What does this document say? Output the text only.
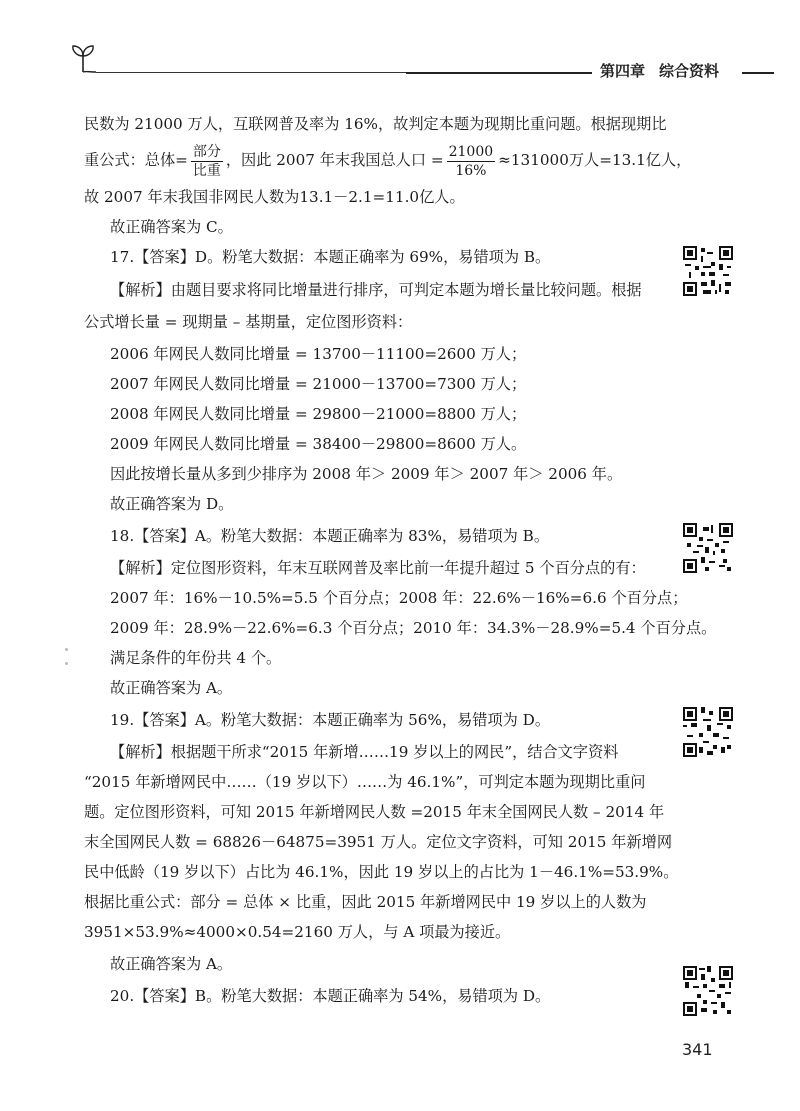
第四章 综合资料
民数为 21000 万人，互联网普及率为 16%，故判定本题为现期比重问题。根据现期比
重公式：总体= $\frac{\text{部分}}{\text{比重}}$ ，因此 2007 年末我国总人口 = $\frac{21000}{16\%} \approx 131000$万人=13.1亿人，
故 2007 年末我国非网民人数为13.1－2.1=11.0亿人。
故正确答案为 C。
17.【答案】D。粉笔大数据：本题正确率为 69%，易错项为 B。
【解析】由题目要求将同比增量进行排序，可判定本题为增长量比较问题。根据
公式增长量 = 现期量 – 基期量，定位图形资料：
2006 年网民人数同比增量 = 13700－11100=2600 万人；
2007 年网民人数同比增量 = 21000－13700=7300 万人；
2008 年网民人数同比增量 = 29800－21000=8800 万人；
2009 年网民人数同比增量 = 38400－29800=8600 万人。
因此按增长量从多到少排序为 2008 年＞ 2009 年＞ 2007 年＞ 2006 年。
故正确答案为 D。
18.【答案】A。粉笔大数据：本题正确率为 83%，易错项为 B。
【解析】定位图形资料，年末互联网普及率比前一年提升超过 5 个百分点的有：
2007 年：16%－10.5%=5.5 个百分点；2008 年：22.6%－16%=6.6 个百分点；
2009 年：28.9%－22.6%=6.3 个百分点；2010 年：34.3%－28.9%=5.4 个百分点。
满足条件的年份共 4 个。
故正确答案为 A。
19.【答案】A。粉笔大数据：本题正确率为 56%，易错项为 D。
【解析】根据题干所求“2015 年新增……19 岁以上的网民”，结合文字资料
“2015 年新增网民中……（19 岁以下）……为 46.1%”，可判定本题为现期比重问
题。定位图形资料，可知 2015 年新增网民人数 =2015 年末全国网民人数 – 2014 年
末全国网民人数 = 68826－64875=3951 万人。定位文字资料，可知 2015 年新增网
民中低龄（19 岁以下）占比为 46.1%，因此 19 岁以上的占比为 1－46.1%=53.9%。
根据比重公式：部分 = 总体 × 比重，因此 2015 年新增网民中 19 岁以上的人数为
3951×53.9%≈4000×0.54=2160 万人，与 A 项最为接近。
故正确答案为 A。
20.【答案】B。粉笔大数据：本题正确率为 54%，易错项为 D。
341
